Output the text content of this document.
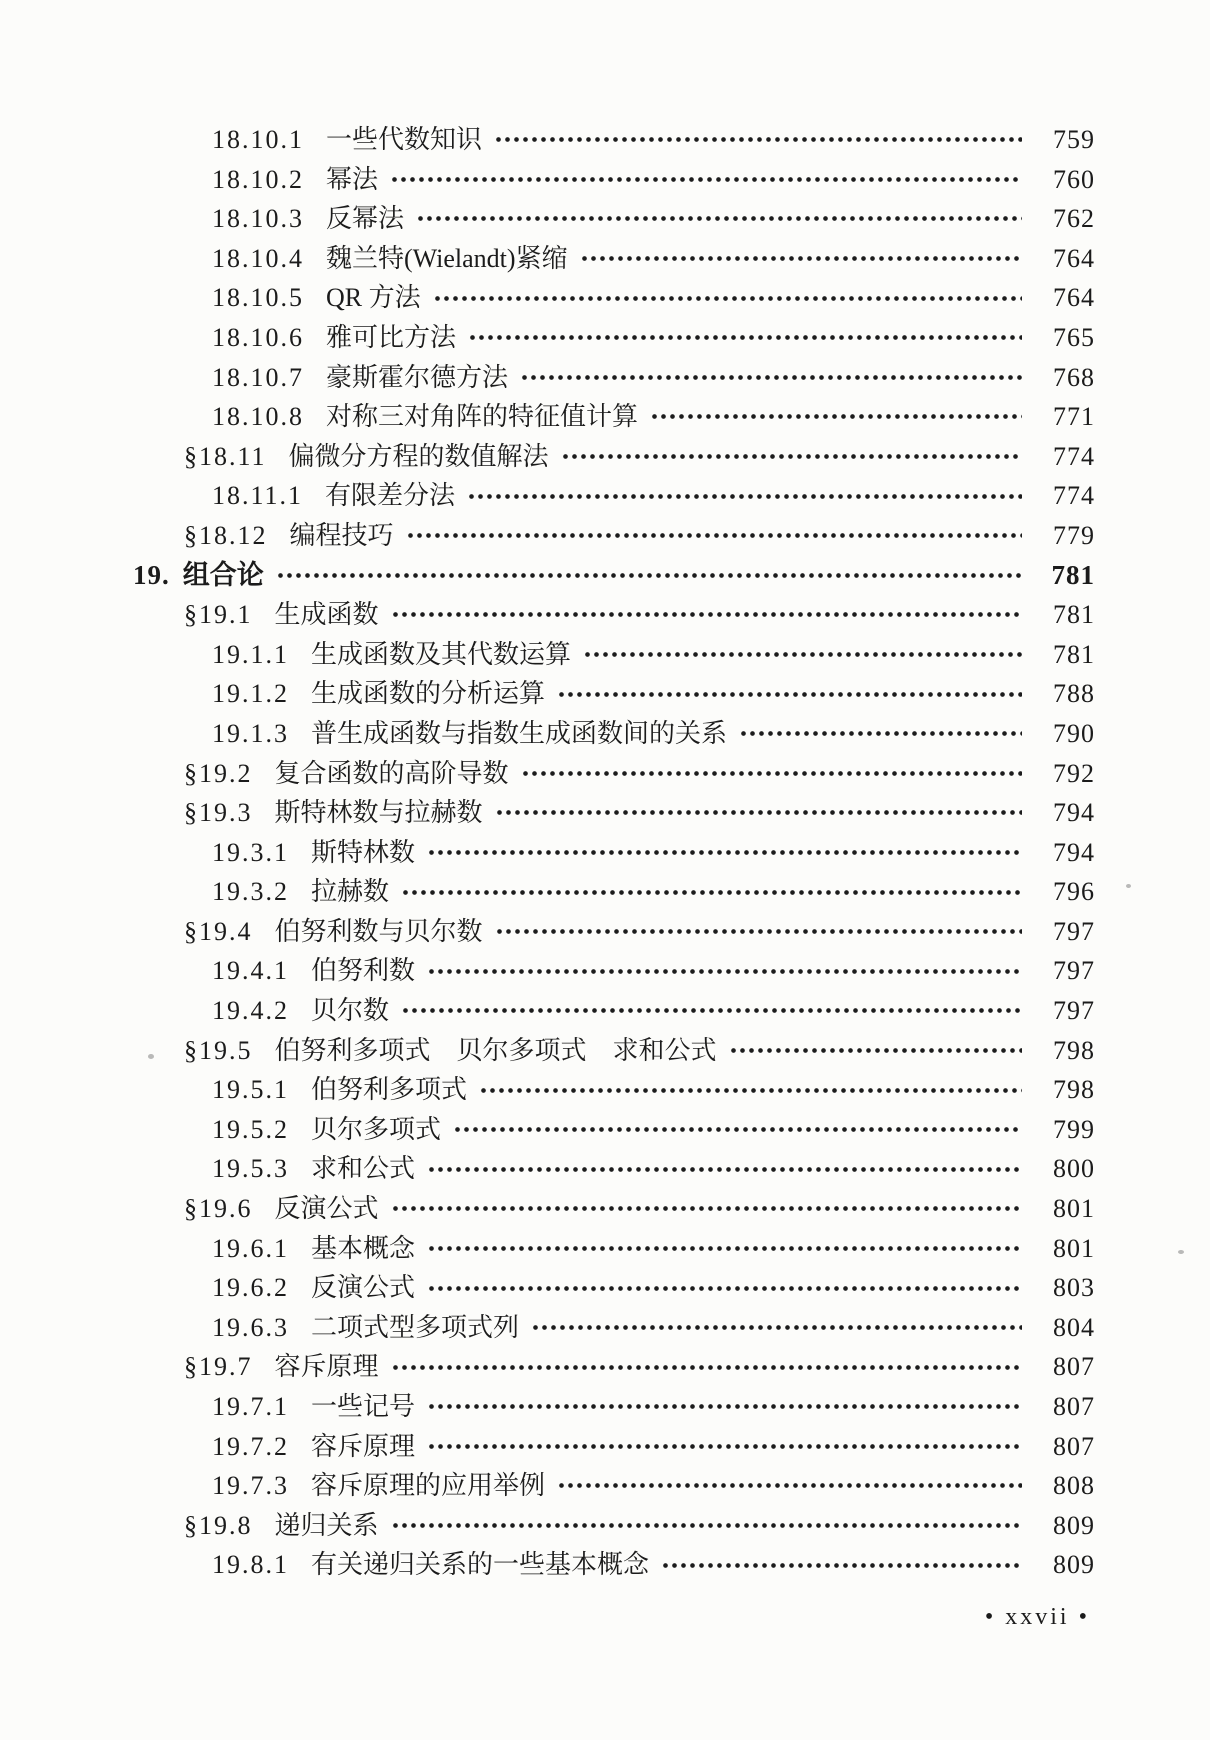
18.10.1 一些代数知识	759
18.10.2 幂法	760
18.10.3 反幂法	762
18.10.4 魏兰特(Wielandt)紧缩	764
18.10.5 QR 方法	764
18.10.6 雅可比方法	765
18.10.7 豪斯霍尔德方法	768
18.10.8 对称三对角阵的特征值计算	771
§18.11 偏微分方程的数值解法	774
18.11.1 有限差分法	774
§18.12 编程技巧	779
19. 组合论	781
§19.1 生成函数	781
19.1.1 生成函数及其代数运算	781
19.1.2 生成函数的分析运算	788
19.1.3 普生成函数与指数生成函数间的关系	790
§19.2 复合函数的高阶导数	792
§19.3 斯特林数与拉赫数	794
19.3.1 斯特林数	794
19.3.2 拉赫数	796
§19.4 伯努利数与贝尔数	797
19.4.1 伯努利数	797
19.4.2 贝尔数	797
§19.5 伯努利多项式　贝尔多项式　求和公式	798
19.5.1 伯努利多项式	798
19.5.2 贝尔多项式	799
19.5.3 求和公式	800
§19.6 反演公式	801
19.6.1 基本概念	801
19.6.2 反演公式	803
19.6.3 二项式型多项式列	804
§19.7 容斥原理	807
19.7.1 一些记号	807
19.7.2 容斥原理	807
19.7.3 容斥原理的应用举例	808
§19.8 递归关系	809
19.8.1 有关递归关系的一些基本概念	809
• xxvii •
